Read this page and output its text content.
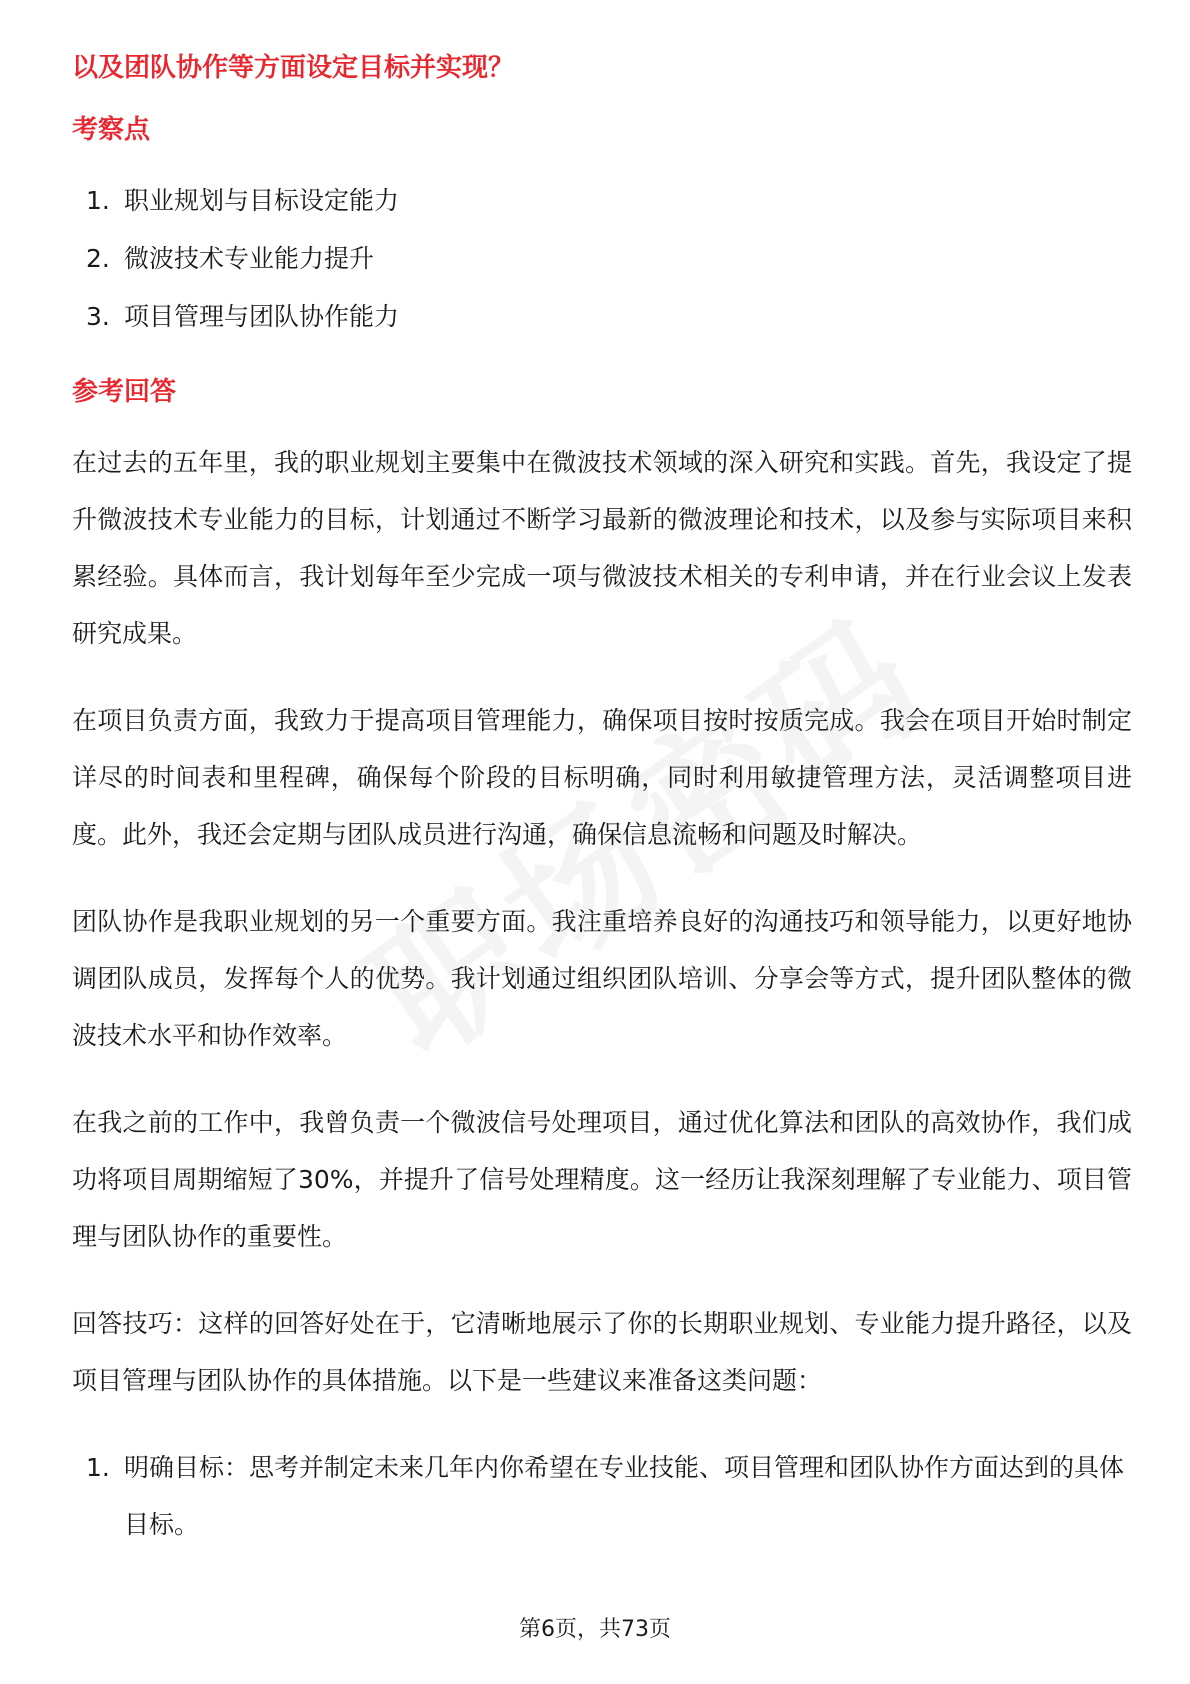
以及团队协作等方面设定目标并实现？
考察点
1. 职业规划与目标设定能力
2. 微波技术专业能力提升
3. 项目管理与团队协作能力
参考回答

在过去的五年里，我的职业规划主要集中在微波技术领域的深入研究和实践。首先，我设定了提升微波技术专业能力的目标，计划通过不断学习最新的微波理论和技术，以及参与实际项目来积累经验。具体而言，我计划每年至少完成一项与微波技术相关的专利申请，并在行业会议上发表研究成果。

在项目负责方面，我致力于提高项目管理能力，确保项目按时按质完成。我会在项目开始时制定详尽的时间表和里程碑，确保每个阶段的目标明确，同时利用敏捷管理方法，灵活调整项目进度。此外，我还会定期与团队成员进行沟通，确保信息流畅和问题及时解决。

团队协作是我职业规划的另一个重要方面。我注重培养良好的沟通技巧和领导能力，以更好地协调团队成员，发挥每个人的优势。我计划通过组织团队培训、分享会等方式，提升团队整体的微波技术水平和协作效率。

在我之前的工作中，我曾负责一个微波信号处理项目，通过优化算法和团队的高效协作，我们成功将项目周期缩短了30%，并提升了信号处理精度。这一经历让我深刻理解了专业能力、项目管理与团队协作的重要性。

回答技巧：这样的回答好处在于，它清晰地展示了你的长期职业规划、专业能力提升路径，以及项目管理与团队协作的具体措施。以下是一些建议来准备这类问题：

1. 明确目标：思考并制定未来几年内你希望在专业技能、项目管理和团队协作方面达到的具体目标。
第6页，共73页
